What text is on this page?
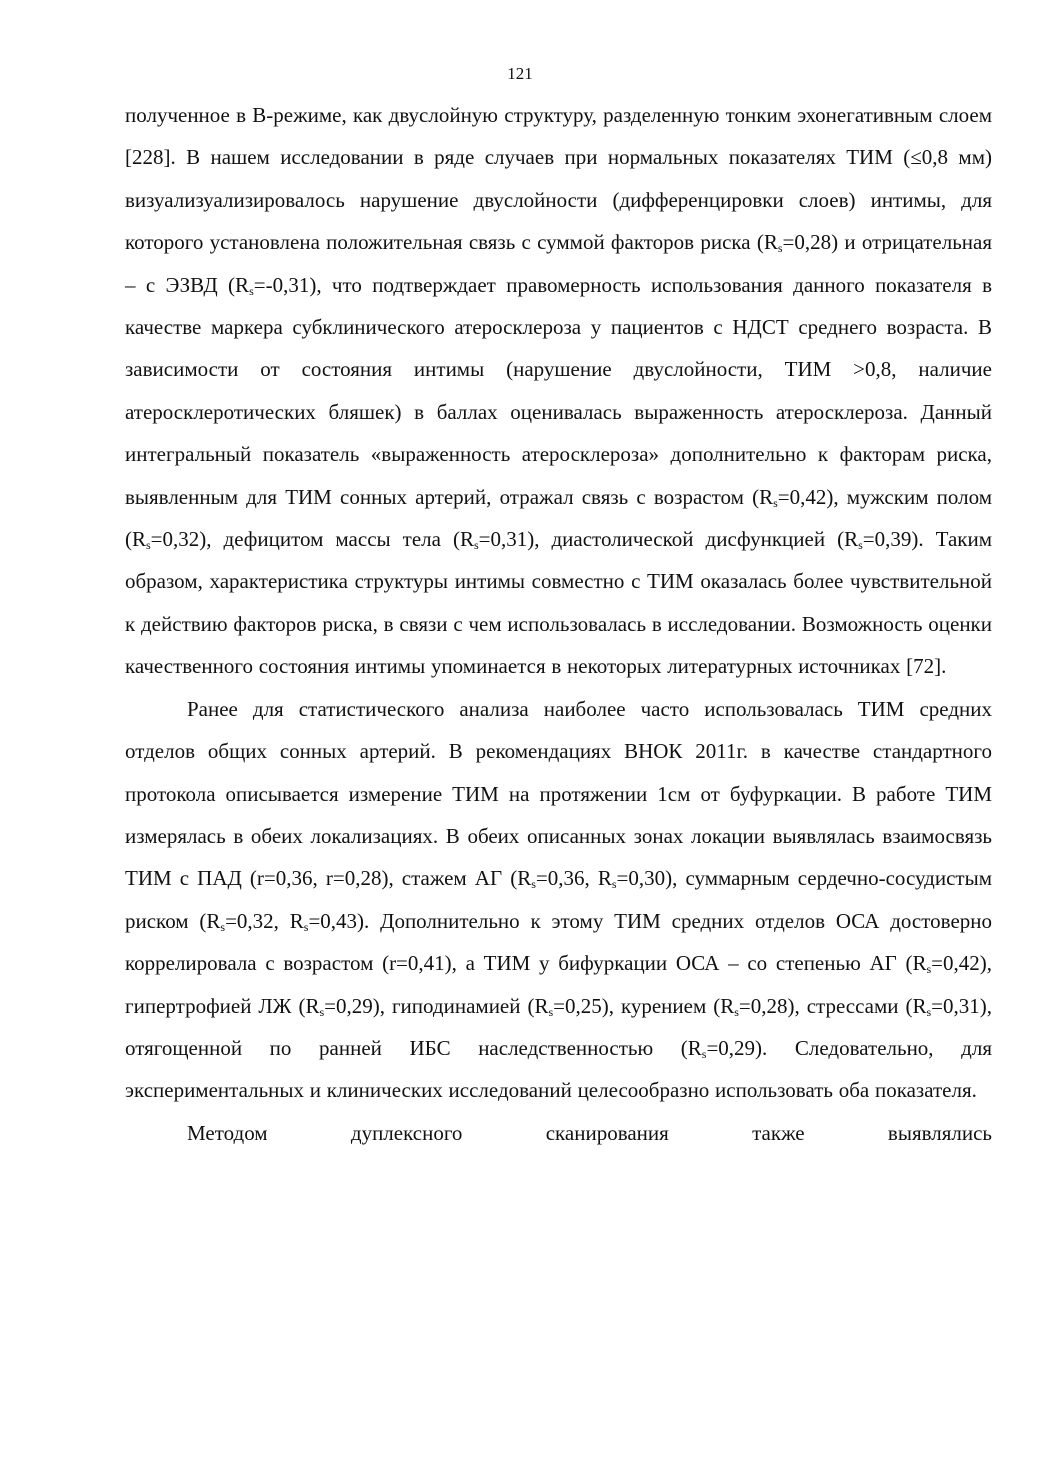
121

полученное в В-режиме, как двуслойную структуру, разделенную тонким эхонегативным слоем [228]. В нашем исследовании в ряде случаев при нормальных показателях ТИМ (≤0,8 мм) визуализуализировалось нарушение двуслойности (дифференцировки слоев) интимы, для которого установлена положительная связь с суммой факторов риска $(R_s=0,28)$ и отрицательная – с ЭЗВД $(R_s=-0,31)$, что подтверждает правомерность использования данного показателя в качестве маркера субклинического атеросклероза у пациентов с НДСТ среднего возраста. В зависимости от состояния интимы (нарушение двуслойности, ТИМ >0,8, наличие атеросклеротических бляшек) в баллах оценивалась выраженность атеросклероза. Данный интегральный показатель «выраженность атеросклероза» дополнительно к факторам риска, выявленным для ТИМ сонных артерий, отражал связь с возрастом $(R_s=0,42)$, мужским полом $(R_s=0,32)$, дефицитом массы тела $(R_s=0,31)$, диастолической дисфункцией $(R_s=0,39)$. Таким образом, характеристика структуры интимы совместно с ТИМ оказалась более чувствительной к действию факторов риска, в связи с чем использовалась в исследовании. Возможность оценки качественного состояния интимы упоминается в некоторых литературных источниках [72].

Ранее для статистического анализа наиболее часто использовалась ТИМ средних отделов общих сонных артерий. В рекомендациях ВНОК 2011г. в качестве стандартного протокола описывается измерение ТИМ на протяжении 1см от буфуркации. В работе ТИМ измерялась в обеих локализациях. В обеих описанных зонах локации выявлялась взаимосвязь ТИМ с ПАД (r=0,36, r=0,28), стажем АГ ($R_s=0,36$, $R_s=0,30$), суммарным сердечно-сосудистым риском ($R_s=0,32$, $R_s=0,43$). Дополнительно к этому ТИМ средних отделов ОСА достоверно коррелировала с возрастом (r=0,41), а ТИМ у бифуркации ОСА – со степенью АГ $(R_s=0,42)$, гипертрофией ЛЖ $(R_s=0,29)$, гиподинамией $(R_s=0,25)$, курением $(R_s=0,28)$, стрессами $(R_s=0,31)$, отягощенной по ранней ИБС наследственностью $(R_s=0,29)$. Следовательно, для экспериментальных и клинических исследований целесообразно использовать оба показателя.

Методом дуплексного сканирования также выявлялись
